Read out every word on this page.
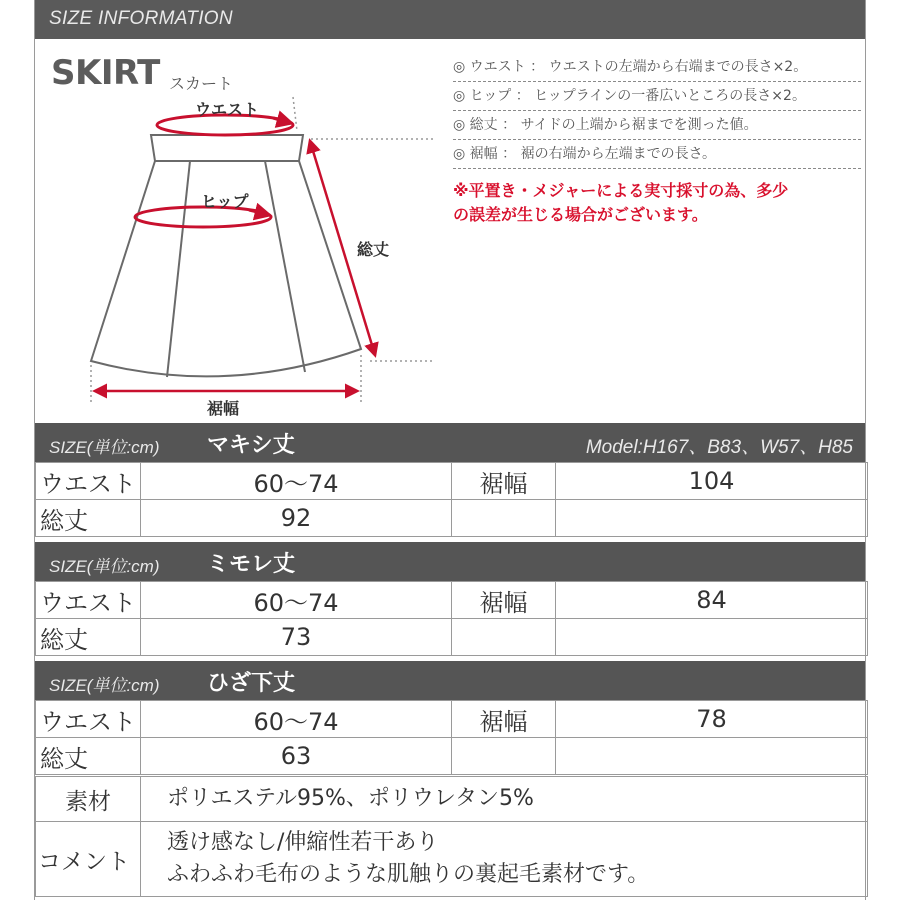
SIZE INFORMATION
SKIRT スカート
ウエスト
ヒップ
総丈
裾幅
◎ ウエスト ： ウエストの左端から右端までの長さ×2。
◎ ヒップ ： ヒップラインの一番広いところの長さ×2。
◎ 総丈 ： サイドの上端から裾までを測った値。
◎ 裾幅 ： 裾の右端から左端までの長さ。
※平置き・メジャーによる実寸採寸の為、多少
の誤差が生じる場合がございます。
SIZE(単位:cm) マキシ丈	Model:H167、B83、W57、H85
ウエスト	60〜74	裾幅	104
総丈	92		
SIZE(単位:cm) ミモレ丈
ウエスト	60〜74	裾幅	84
総丈	73		
SIZE(単位:cm) ひざ下丈
ウエスト	60〜74	裾幅	78
総丈	63		
素材	ポリエステル95%、ポリウレタン5%
コメント	透け感なし/伸縮性若干あり
ふわふわ毛布のような肌触りの裏起毛素材です。
